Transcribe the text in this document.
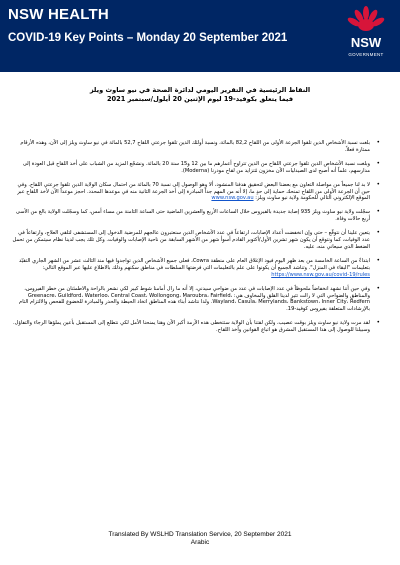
NSW HEALTH
COVID-19 Key Points – Monday 20 September 2021	NSW
GOVERNMENT
النقاط الرئيسية في التقرير اليومي لدائرة الصحة في نيو ساوث ويلز
فيما يتعلق بكوفيد-19 ليوم الإثنين 20 أيلول/سبتمبر 2021
•
بلغت نسبة الأشخاص الذين تلقوا الجرعة الأولى من اللقاح 82,2 بالمائة، ونسبة أولئك الذين تلقوا جرعتي اللقاح 52,7 بالمائة في نيو ساوث ويلز إلى الآن، وهذه الأرقام ممتازة فعلاً.
•
وبلغت نسبة الأشخاص الذين تلقوا جرعتي اللقاح من الذين تتراوح أعمارهم ما بين 12 و15 سنة 20 بالمائة. ونشجّع المزيد من الشباب على أخذ اللقاح قبل العودة إلى مدارسهم، علماً أنه أصبح لدى الصيدليات الآن مخزون مُتزايد من لقاح مودرنا (Moderna).
•
لا بد لنا جميعاً من مواصلة التعاون مع بعضنا البعض لتحقيق هدفنا المنشود، ألا وهو الوصول إلى نسبة 70 بالمائة من احتمال سكان الولاية الذين تلقوا جرعتي اللقاح. وفي حين أن الجرعة الأولى من اللقاح تمنحك حماية إلى حدٍ ما، إلا أنه من المهم جداً المبادرة إلى أخذ الجرعة الثانية منه في موعدها المحدد. احجز موعداً الآن لأخذ اللقاح عبر الموقع الإلكتروني التالي للحكومة ولاية نيو ساوث ويلز: www.nsw.gov.au
•
سجّلت ولاية نيو ساوث ويلز 935 إصابة جديدة بالفيروس خلال الساعات الأربع والعشرين الماضية حتى الساعة الثامنة من مساء أمس، كما وسجّلت الولاية بالغ من الأسى أربع حالات وفاة.
•
يتعين علينا أن نتوقّع – حتى وإن انخفضت أعداد الإصابات، ارتفاعاً في عدد الأشخاص الذين سنعتبرون عالجهم للمرضية الدخول إلى المستشفى لتلقي العلاج، وارتفاعاً في عدد الوفيات، كما ونتوقع أن يكون شهر تشرين الأول/أكتوبر القادم أسوأ شهر من الأشهر السابقة من ناحية الإصابات والوفيات. وكل تلك يجب لدينا نظام سيتمكن من تحمل الضغط الذي سيعاني منه، عليه.
•
ابتداءً من الساعة الخامسة من بعد ظهر اليوم فيود الإغلاق العام على منطقة Cowra، فعلى جميع الأشخاص الذين تواجدوا فيها منذ الثالث عشر من الشهر الجاري التقيّد بتعليمات "البقاء في المنزل". وتناشد الجميع أن يكونوا على علم بالتعليمات التي فرضتها السلطات في مناطق سكنهم وذلك بالاطلاع عليها عبر الموقع التالي: https://www.nsw.gov.au/covid-19/rules
•
وفي حين أننا نشهد انخفاضاً ملحوظاً في عدد الإصابات في عدد من ضواحي سيدني، إلا أنه ما زال أمامنا شوط كبير لكي نشعر بالراحة والاطمئنان من خطر الفيروس، والمناطق والضواحي التي لا زالت تثير لدينا القلق والمخاوف هي: Greenacre، Guildford، Waterloo، Central Coast، Wollongong، Maroubra، Fairfield، Wayland، Casula، Merrylands، Bankstown، Inner City، Redfern. ولذا نتاشد أبناء هذه المناطق اتخاذ الحيطة والحذر والمبادرة للخضوع للفحص والالتزام التام بالإرشادات المتعلقة بفيروس كوفيد-19.
•
لقد مرت ولاية نيو ساوث ويلز بوقت عصيب، ولكن لقتنا بأن الولاية ستتخطى هذه الأزمة أكبر الآن وهنا يمنحنا الأمل لكي نتطلع إلى المستقبل بأعين يملؤها الرجاء والتفاؤل. وسبيلنا للوصول إلى هذا المستقبل المشرق هو اتباع القوانين وأخذ اللقاح.
Translated By WSLHD Translation Service, 20 September 2021
Arabic
